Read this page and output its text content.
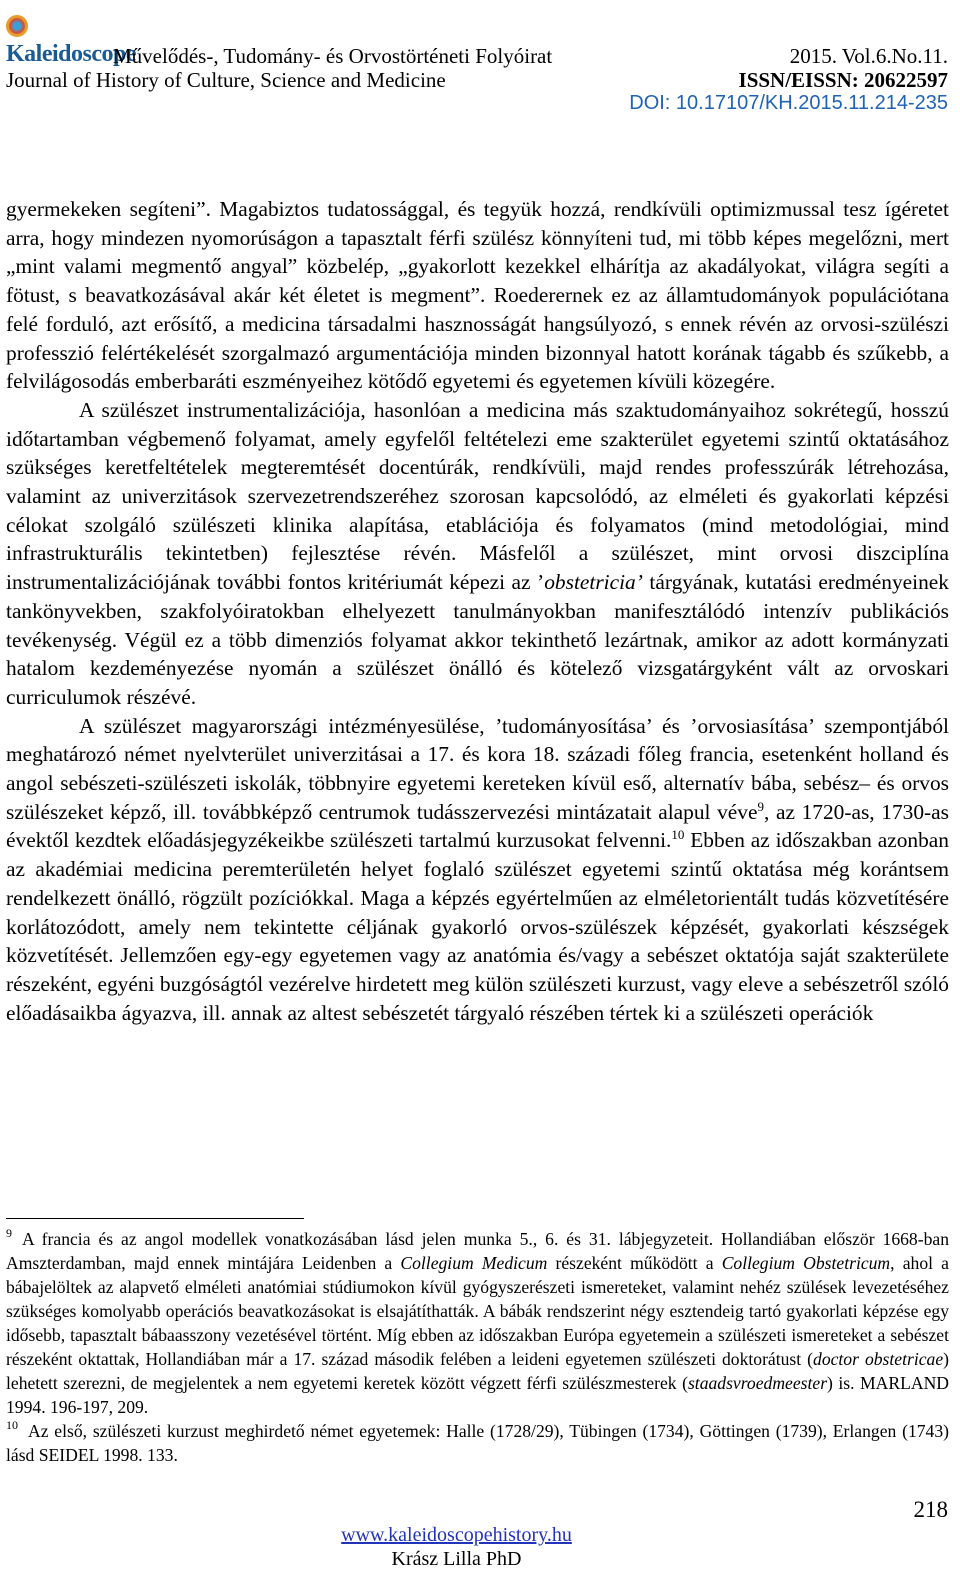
Kaleidoscope
Művelődés-, Tudomány- és Orvostörténeti Folyóirat	2015. Vol.6.No.11.
Journal of History of Culture, Science and Medicine	ISSN/EISSN: 20622597
DOI: 10.17107/KH.2015.11.214-235

gyermekeken segíteni”. Magabiztos tudatossággal, és tegyük hozzá, rendkívüli optimizmussal tesz ígéretet arra, hogy mindezen nyomorúságon a tapasztalt férfi szülész könnyíteni tud, mi több képes megelőzni, mert „mint valami megmentő angyal” közbelép, „gyakorlott kezekkel elhárítja az akadályokat, világra segíti a fötust, s beavatkozásával akár két életet is megment”. Roederernek ez az államtudományok populációtana felé forduló, azt erősítő, a medicina társadalmi hasznosságát hangsúlyozó, s ennek révén az orvosi-szülészi professzió felértékelését szorgalmazó argumentációja minden bizonnyal hatott korának tágabb és szűkebb, a felvilágosodás emberbaráti eszményeihez kötődő egyetemi és egyetemen kívüli közegére.

A szülészet instrumentalizációja, hasonlóan a medicina más szaktudományaihoz sokrétegű, hosszú időtartamban végbemenő folyamat, amely egyfelől feltételezi eme szakterület egyetemi szintű oktatásához szükséges keretfeltételek megteremtését docentúrák, rendkívüli, majd rendes professzúrák létrehozása, valamint az univerzitások szervezetrendszeréhez szorosan kapcsolódó, az elméleti és gyakorlati képzési célokat szolgáló szülészeti klinika alapítása, etablációja és folyamatos (mind metodológiai, mind infrastrukturális tekintetben) fejlesztése révén. Másfelől a szülészet, mint orvosi diszciplína instrumentalizációjának további fontos kritériumát képezi az ’obstetricia’ tárgyának, kutatási eredményeinek tankönyvekben, szakfolyóiratokban elhelyezett tanulmányokban manifesztálódó intenzív publikációs tevékenység. Végül ez a több dimenziós folyamat akkor tekinthető lezártnak, amikor az adott kormányzati hatalom kezdeményezése nyomán a szülészet önálló és kötelező vizsgatárgyként vált az orvoskari curriculumok részévé.

A szülészet magyarországi intézményesülése, ’tudományosítása’ és ’orvosiasítása’ szempontjából meghatározó német nyelvterület univerzitásai a 17. és kora 18. századi főleg francia, esetenként holland és angol sebészeti-szülészeti iskolák, többnyire egyetemi kereteken kívül eső, alternatív bába, sebész– és orvos szülészeket képző, ill. továbbképző centrumok tudásszervezési mintázatait alapul véve$^9$, az 1720-as, 1730-as évektől kezdtek előadásjegyzékeikbe szülészeti tartalmú kurzusokat felvenni.$^{10}$ Ebben az időszakban azonban az akadémiai medicina peremterületén helyet foglaló szülészet egyetemi szintű oktatása még korántsem rendelkezett önálló, rögzült pozíciókkal. Maga a képzés egyértelműen az elméletorientált tudás közvetítésére korlátozódott, amely nem tekintette céljának gyakorló orvos-szülészek képzését, gyakorlati készségek közvetítését. Jellemzően egy-egy egyetemen vagy az anatómia és/vagy a sebészet oktatója saját szakterülete részeként, egyéni buzgóságtól vezérelve hirdetett meg külön szülészeti kurzust, vagy eleve a sebészetről szóló előadásaikba ágyazva, ill. annak az altest sebészetét tárgyaló részében tértek ki a szülészeti operációk

$^9$ A francia és az angol modellek vonatkozásában lásd jelen munka 5., 6. és 31. lábjegyzeteit. Hollandiában először 1668-ban Amszterdamban, majd ennek mintájára Leidenben a Collegium Medicum részeként működött a Collegium Obstetricum, ahol a bábajelöltek az alapvető elméleti anatómiai stúdiumokon kívül gyógyszerészeti ismereteket, valamint nehéz szülések levezetéséhez szükséges komolyabb operációs beavatkozásokat is elsajátíthatták. A bábák rendszerint négy esztendeig tartó gyakorlati képzése egy idősebb, tapasztalt bábaasszony vezetésével történt. Míg ebben az időszakban Európa egyetemein a szülészeti ismereteket a sebészet részeként oktattak, Hollandiában már a 17. század második felében a leideni egyetemen szülészeti doktorátust (doctor obstetricae) lehetett szerezni, de megjelentek a nem egyetemi keretek között végzett férfi szülészmesterek (staadsvroedmeester) is. MARLAND 1994. 196-197, 209.

$^{10}$ Az első, szülészeti kurzust meghirdető német egyetemek: Halle (1728/29), Tübingen (1734), Göttingen (1739), Erlangen (1743) lásd SEIDEL 1998. 133.

218
www.kaleidoscopehistory.hu
Krász Lilla PhD
